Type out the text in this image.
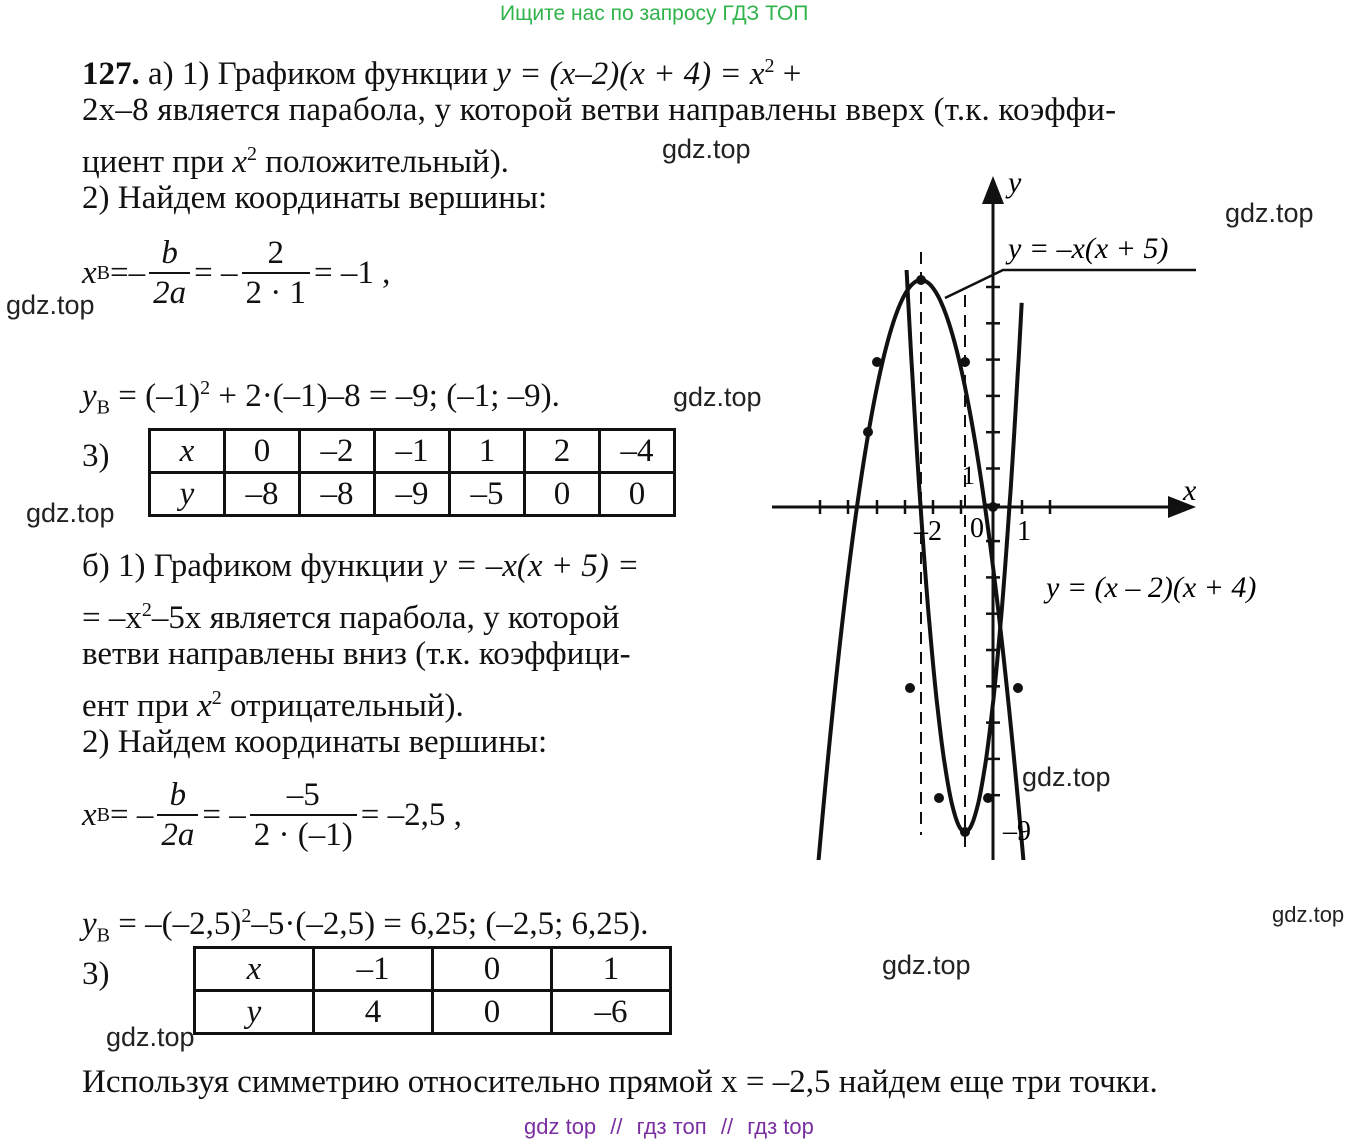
Ищите нас по запросу ГДЗ ТОП
127. а) 1) Графиком функции $y = (x-2)(x + 4) = x^2$ +
2x–8 является парабола, у которой ветви направлены вверх (т.к. коэффи-
циент при $x^2$ положительный).
2) Найдем координаты вершины:
x $В =- \frac{b}{2a}$ = – $\frac{2}{2 \cdot 1} = -1$ ,
$y_В = (-1)^2 + 2\cdot(-1)-8 = -9$; (–1; –9).
3) x	0	–2	–1	1	2	–4
y	–8	–8	–9	–5	0	0
б) 1) Графиком функции y = –x(x + 5) =
= $-x^2-5x$ является парабола, у которой
ветви направлены вниз (т.к. коэффици-
ент при $x^2$ отрицательный).
2) Найдем координаты вершины:
x В = – $\frac{b}{2a}$ = – $\frac{-5}{2 \cdot (-1)} = -2,5$ ,
$y_В = -(-2,5)^2-5\cdot(-2,5) = 6,25$; (–2,5; 6,25).
3)	x	–1	0	1
y	4	0	–6
Используя симметрию относительно прямой x = –2,5 найдем еще три точки.
y
x
–2 0 1
1
–9
y = –x(x + 5)
y = (x – 2)(x + 4)
gdz.top
gdz.top
gdz.top
gdz.top
gdz.top
gdz.top
gdz.top
gdz.top
gdz.top
gdz top // гдз топ // гдз top
